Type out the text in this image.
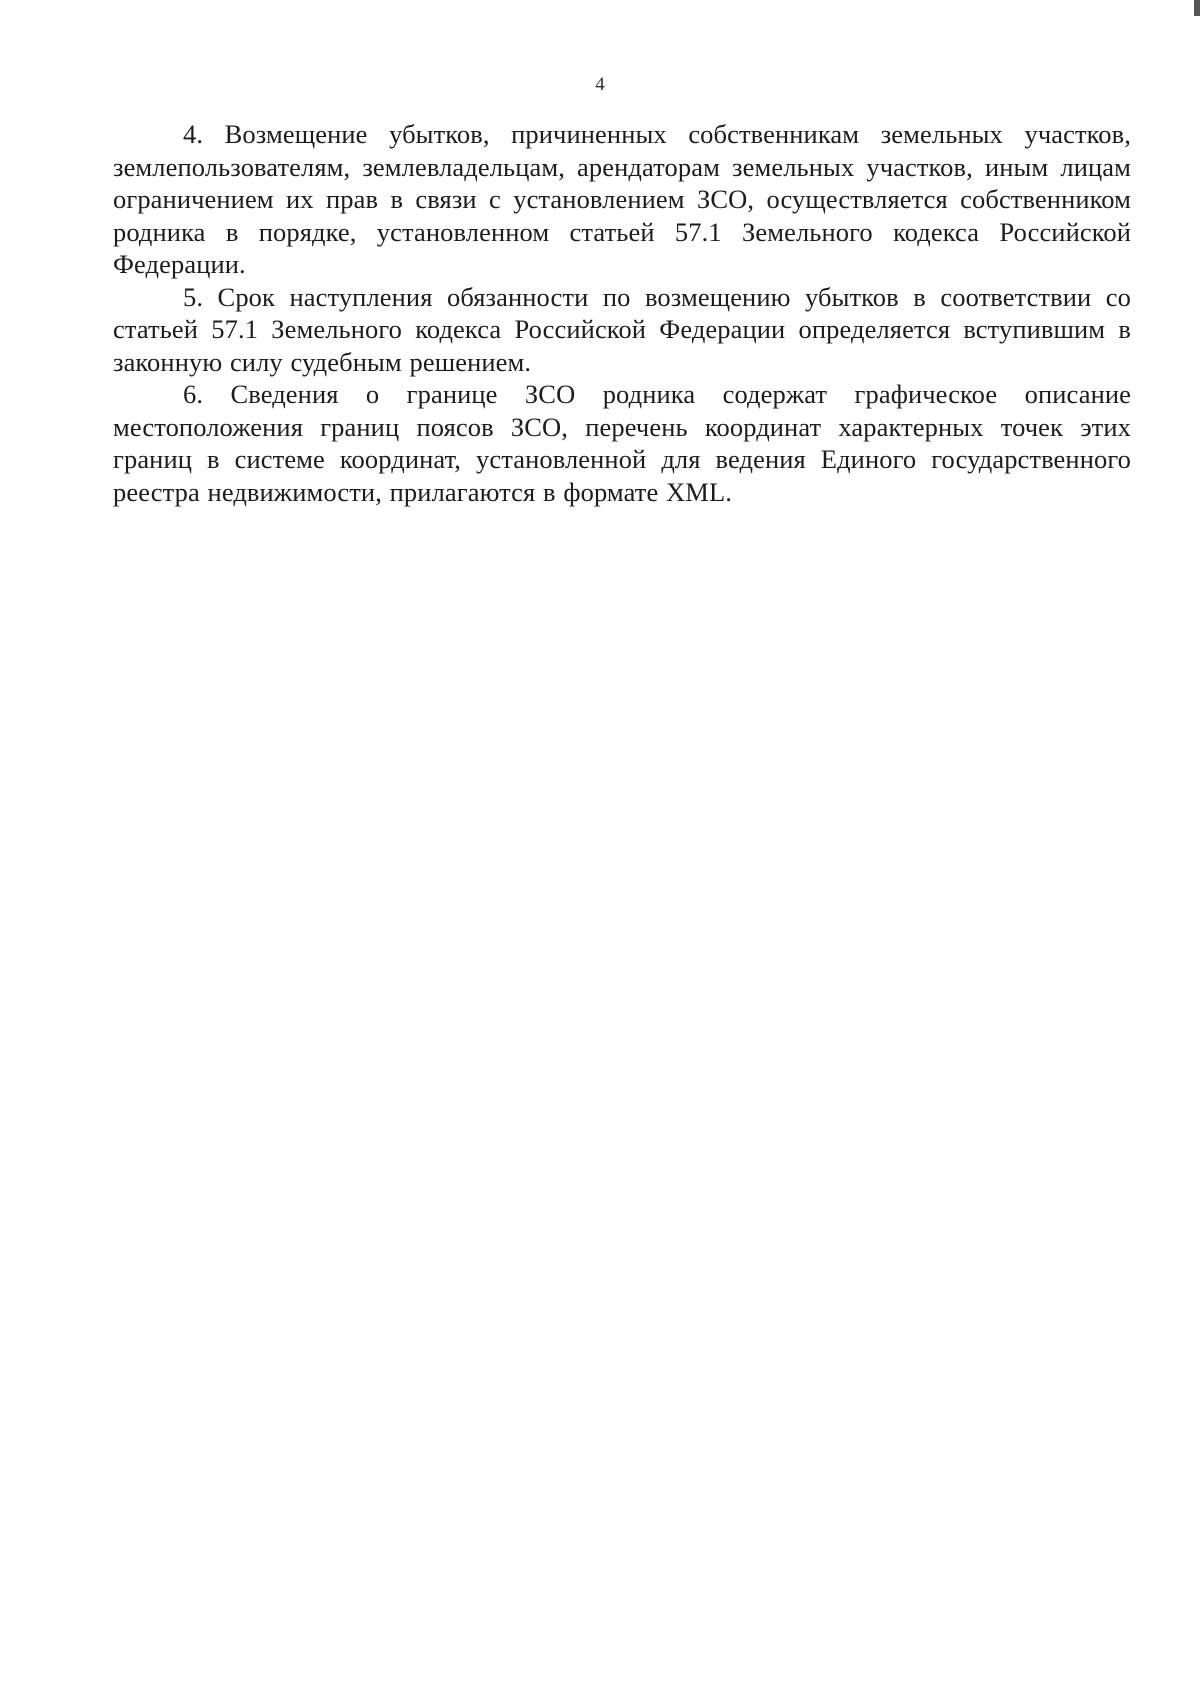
4

4. Возмещение убытков, причиненных собственникам земельных участков, землепользователям, землевладельцам, арендаторам земельных участков, иным лицам ограничением их прав в связи с установлением ЗСО, осуществляется собственником родника в порядке, установленном статьей 57.1 Земельного кодекса Российской Федерации.

5. Срок наступления обязанности по возмещению убытков в соответствии со статьей 57.1 Земельного кодекса Российской Федерации определяется вступившим в законную силу судебным решением.

6. Сведения о границе ЗСО родника содержат графическое описание местоположения границ поясов ЗСО, перечень координат характерных точек этих границ в системе координат, установленной для ведения Единого государственного реестра недвижимости, прилагаются в формате XML.
